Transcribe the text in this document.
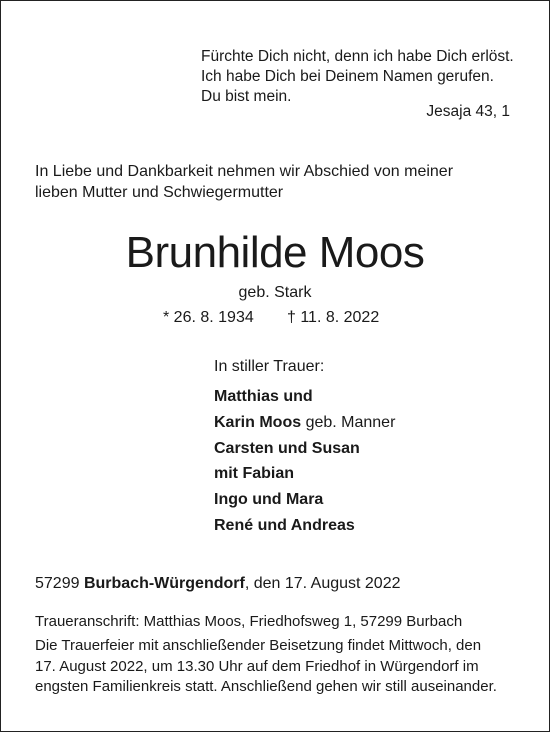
Fürchte Dich nicht, denn ich habe Dich erlöst.
Ich habe Dich bei Deinem Namen gerufen.
Du bist mein.
Jesaja 43, 1
In Liebe und Dankbarkeit nehmen wir Abschied von meiner
lieben Mutter und Schwiegermutter
Brunhilde Moos
geb. Stark
* 26. 8. 1934 † 11. 8. 2022
In stiller Trauer:
Matthias und
Karin Moos geb. Manner
Carsten und Susan
mit Fabian
Ingo und Mara
René und Andreas
57299 Burbach-Würgendorf, den 17. August 2022
Traueranschrift: Matthias Moos, Friedhofsweg 1, 57299 Burbach
Die Trauerfeier mit anschließender Beisetzung findet Mittwoch, den
17. August 2022, um 13.30 Uhr auf dem Friedhof in Würgendorf im
engsten Familienkreis statt. Anschließend gehen wir still auseinander.
